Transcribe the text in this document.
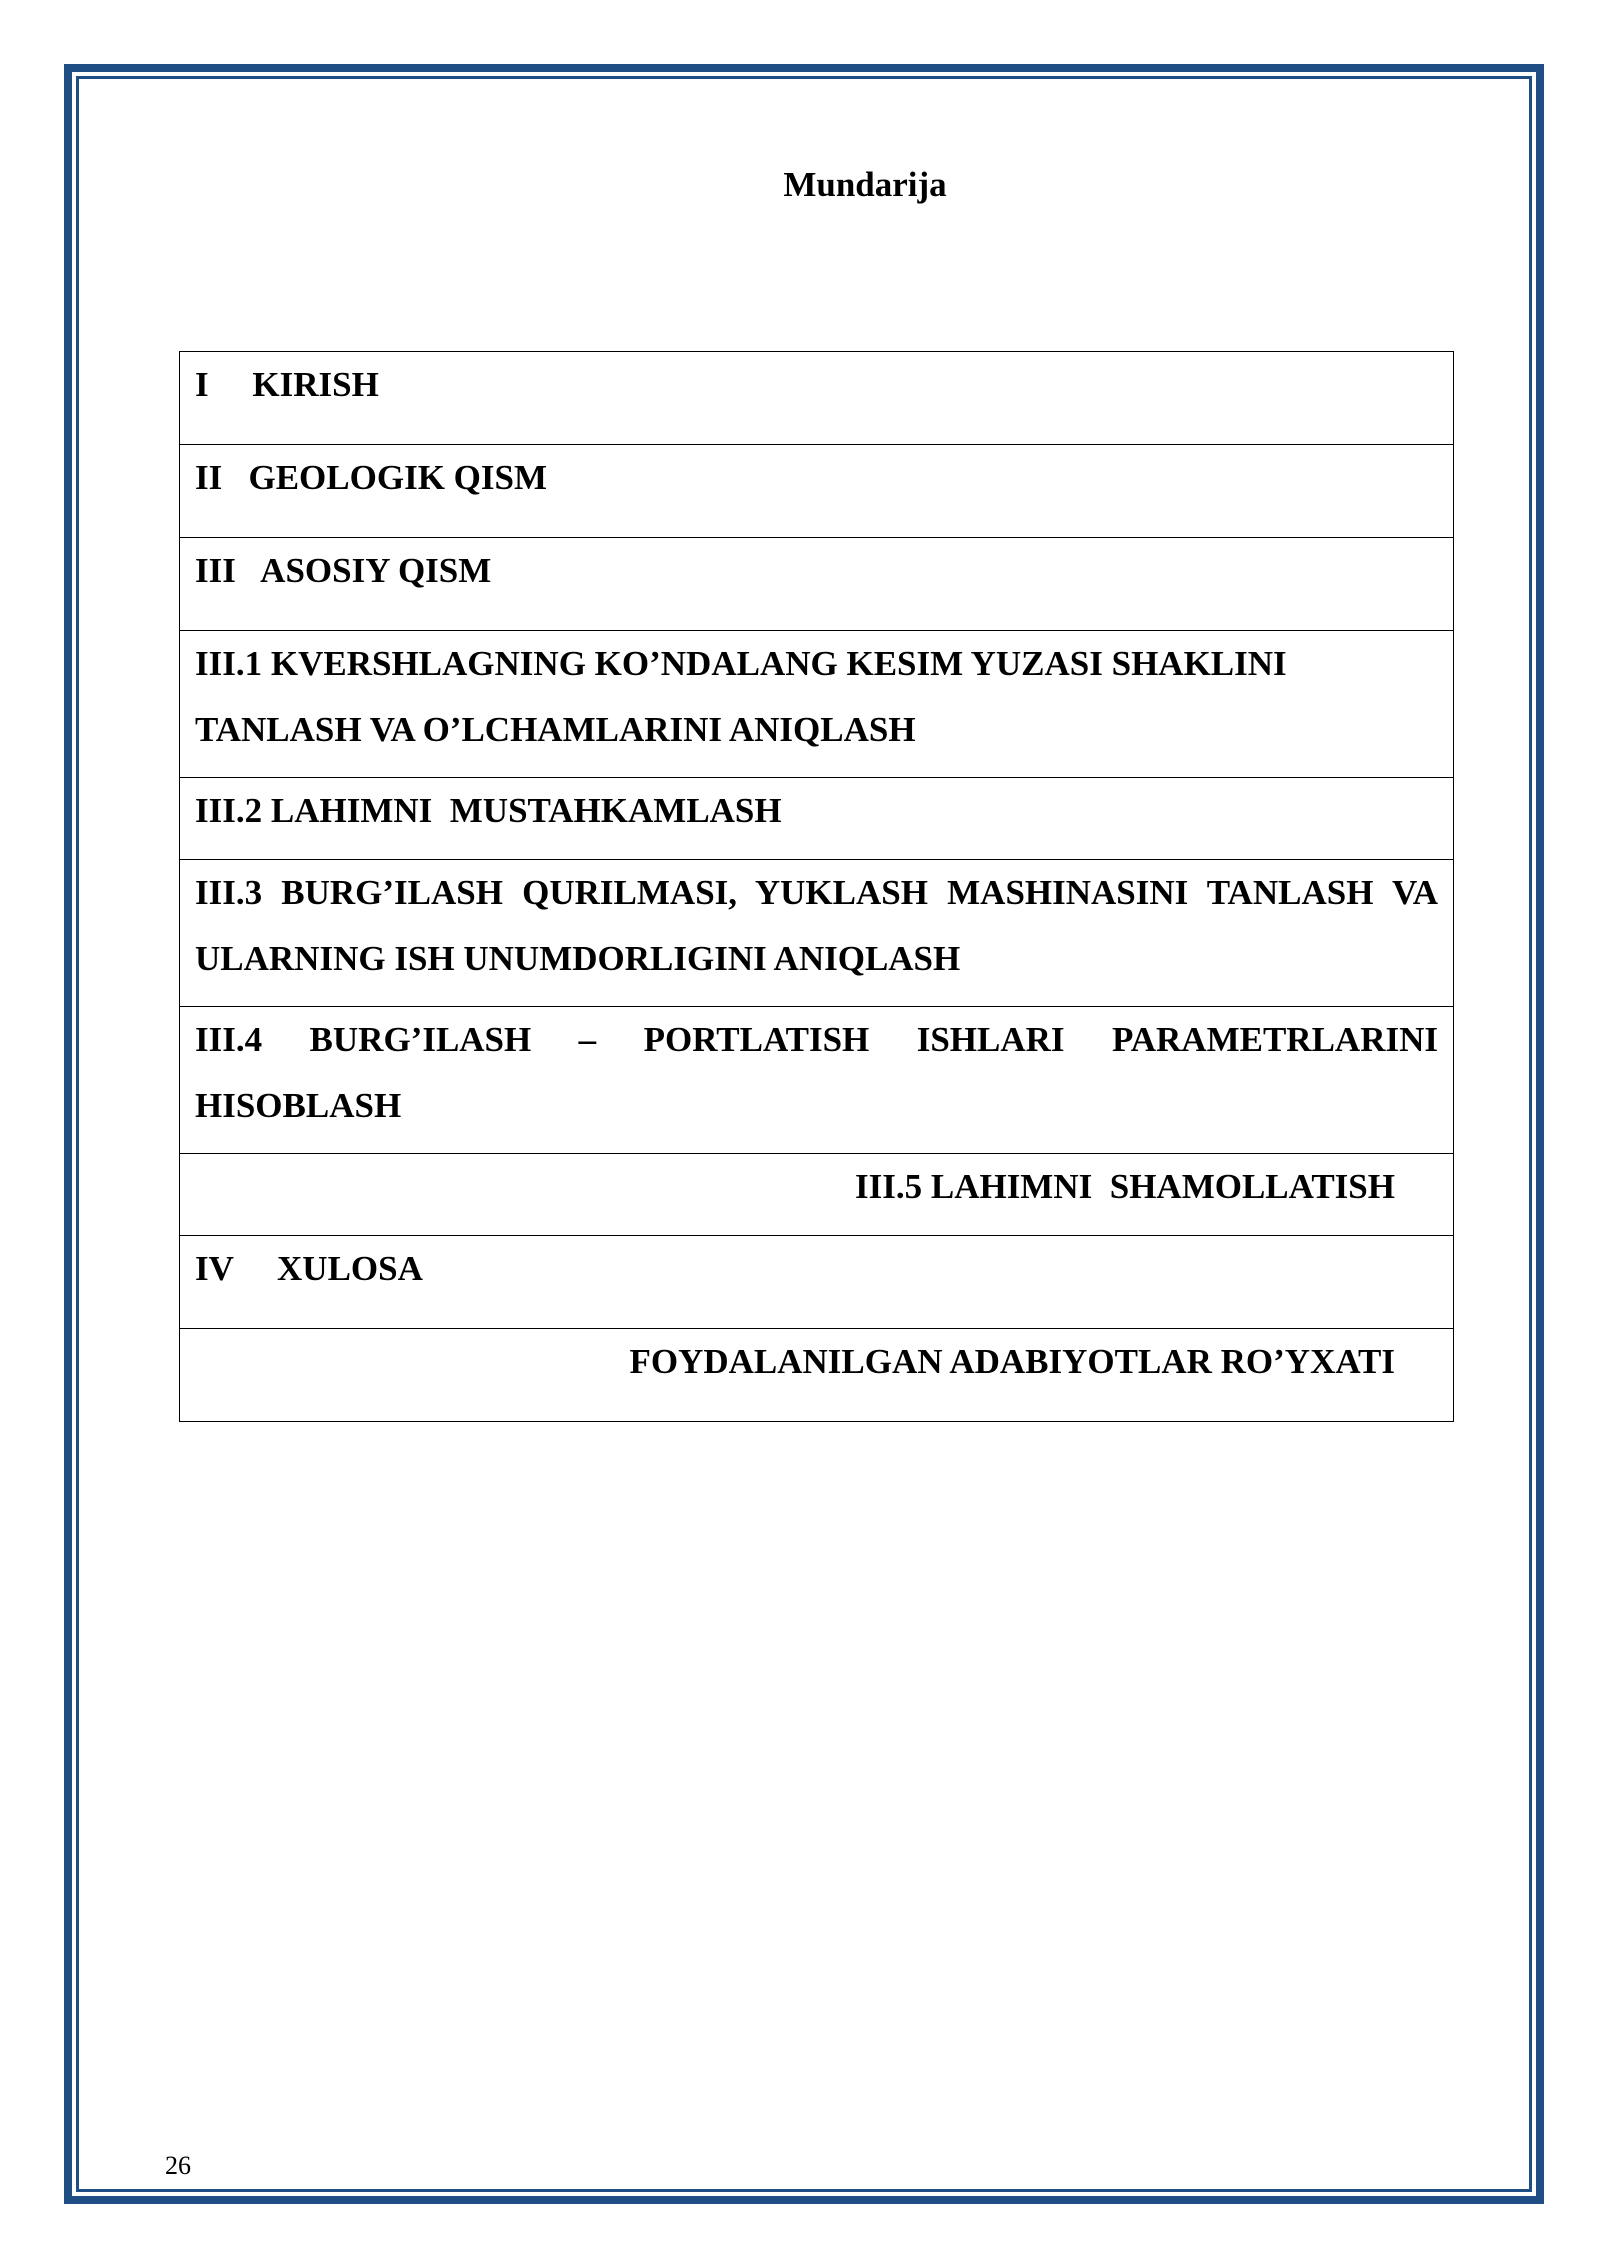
Mundarija
I     KIRISH
II   GEOLOGIK QISM
III   ASOSIY QISM
III.1 KVERSHLAGNING KO’NDALANG KESIM YUZASI SHAKLINI TANLASH VA O’LCHAMLARINI ANIQLASH
III.2 LAHIMNI  MUSTAHKAMLASH
III.3 BURG’ILASH QURILMASI, YUKLASH MASHINASINI TANLASH VA ULARNING ISH UNUMDORLIGINI ANIQLASH
III.4 BURG’ILASH – PORTLATISH ISHLARI PARAMETRLARINI HISOBLASH
III.5 LAHIMNI  SHAMOLLATISH
IV     XULOSA
FOYDALANILGAN ADABIYOTLAR RO’YXATI
26
